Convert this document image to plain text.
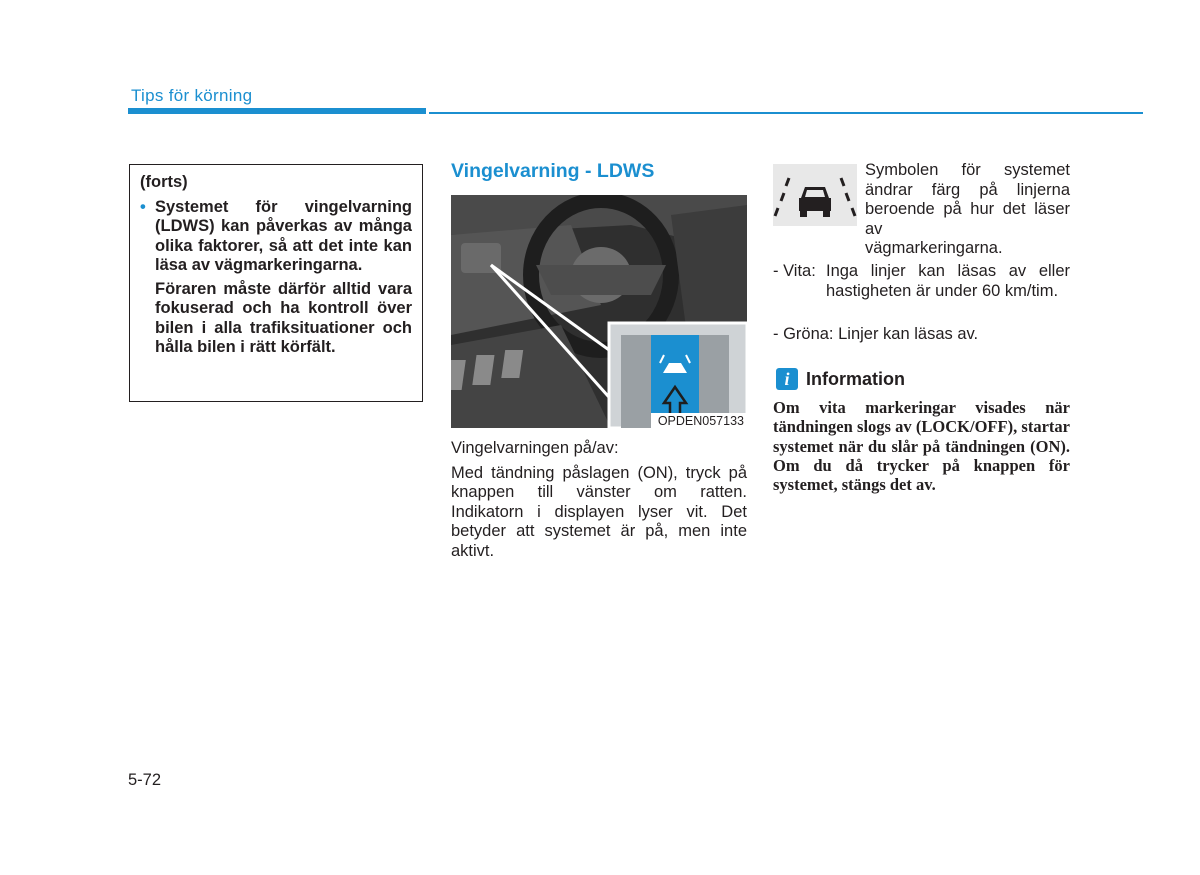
Tips för körning
(forts)
• Systemet för vingelvarning (LDWS) kan påverkas av många olika faktorer, så att det inte kan läsa av vägmarkeringarna.
Föraren måste därför alltid vara fokuserad och ha kontroll över bilen i alla trafiksituationer och hålla bilen i rätt körfält.
Vingelvarning - LDWS
OPDEN057133

Vingelvarningen på/av:

Med tändning påslagen (ON), tryck på knappen till vänster om ratten. Indikatorn i displayen lyser vit. Det betyder att systemet är på, men inte aktivt.

Symbolen för systemet ändrar färg på linjerna beroende på hur det läser av
vägmarkeringarna.
- Vita: Inga linjer kan läsas av eller hastigheten är under 60 km/tim.
- Gröna: Linjer kan läsas av.
i Information
Om vita markeringar visades när tändningen slogs av (LOCK/OFF), startar systemet när du slår på tändningen (ON). Om du då trycker på knappen för systemet, stängs det av.
5-72
